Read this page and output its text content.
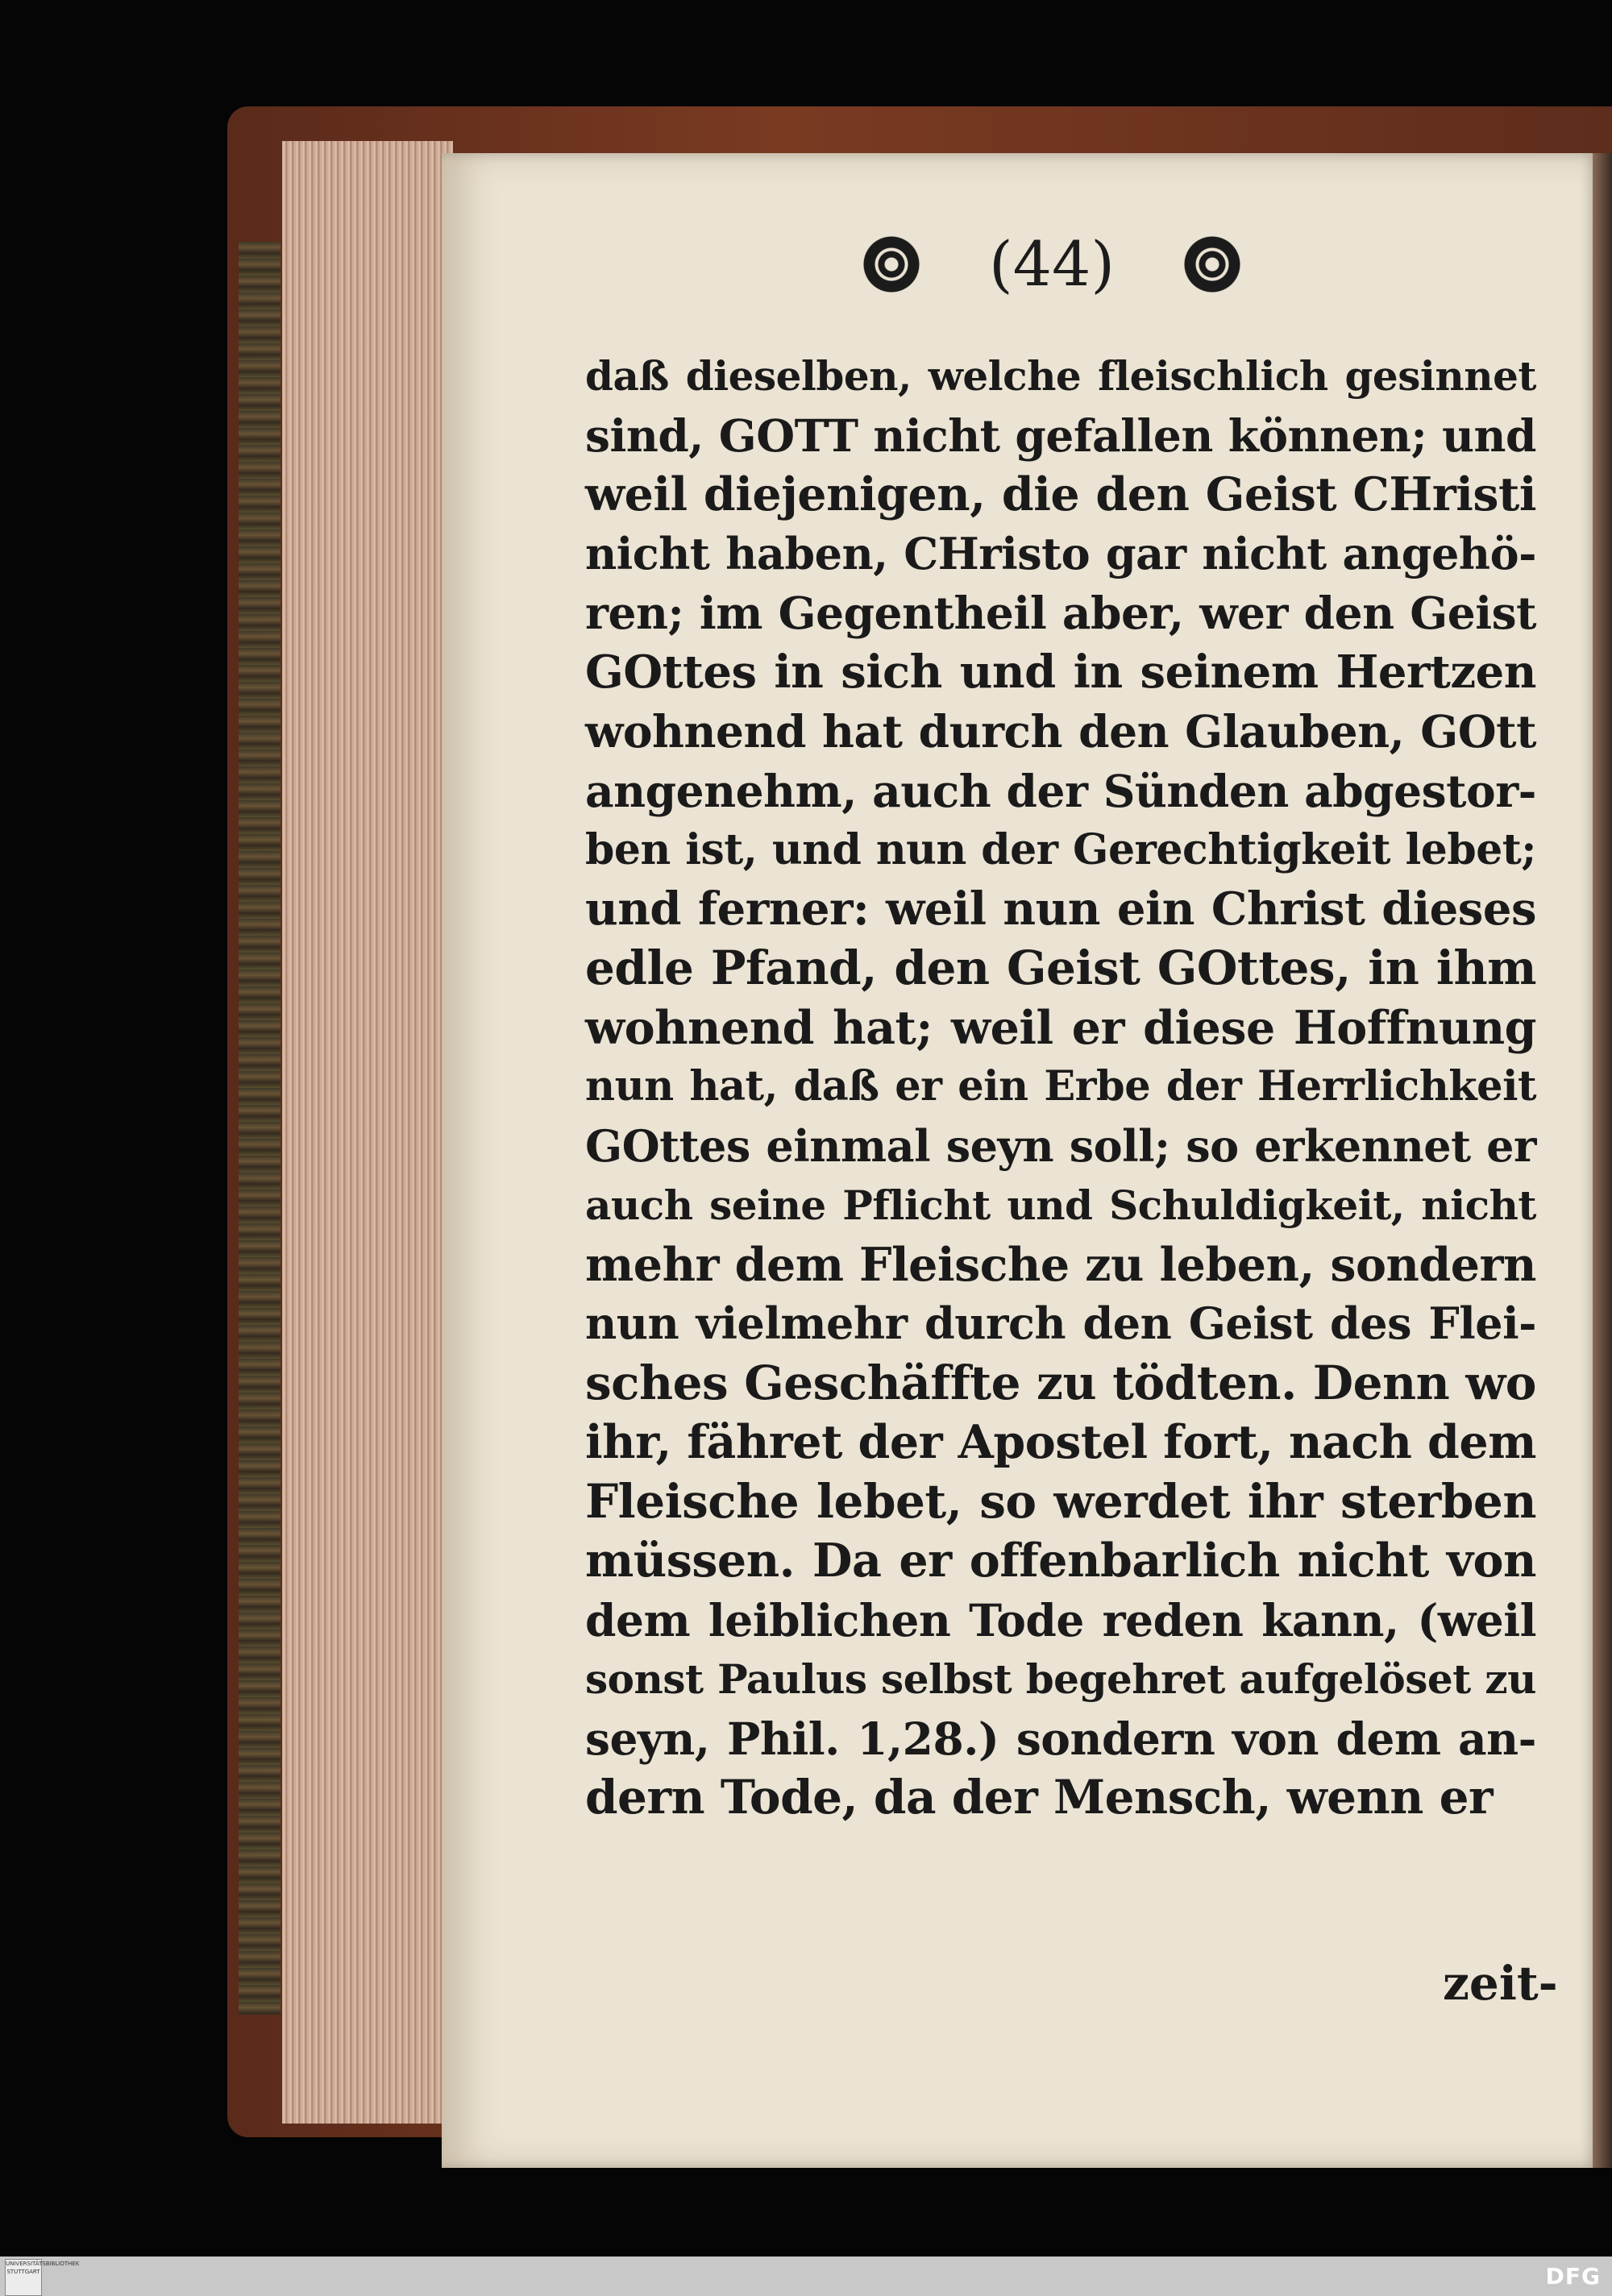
(44)
daß dieselben, welche fleischlich gesinnet
sind, GOTT nicht gefallen können; und
weil diejenigen, die den Geist CHristi
nicht haben, CHristo gar nicht angehö-
ren; im Gegentheil aber, wer den Geist
GOttes in sich und in seinem Hertzen
wohnend hat durch den Glauben, GOtt
angenehm, auch der Sünden abgestor-
ben ist, und nun der Gerechtigkeit lebet;
und ferner: weil nun ein Christ dieses
edle Pfand, den Geist GOttes, in ihm
wohnend hat; weil er diese Hoffnung
nun hat, daß er ein Erbe der Herrlichkeit
GOttes einmal seyn soll; so erkennet er
auch seine Pflicht und Schuldigkeit, nicht
mehr dem Fleische zu leben, sondern
nun vielmehr durch den Geist des Flei-
sches Geschäffte zu tödten. Denn wo
ihr, fähret der Apostel fort, nach dem
Fleische lebet, so werdet ihr sterben
müssen. Da er offenbarlich nicht von
dem leiblichen Tode reden kann, (weil
sonst Paulus selbst begehret aufgelöset zu
seyn, Phil. 1,28.) sondern von dem an-
dern Tode, da der Mensch, wenn er
zeit-
UNIVERSITÄTSBIBLIOTHEK STUTTGART	DFG
